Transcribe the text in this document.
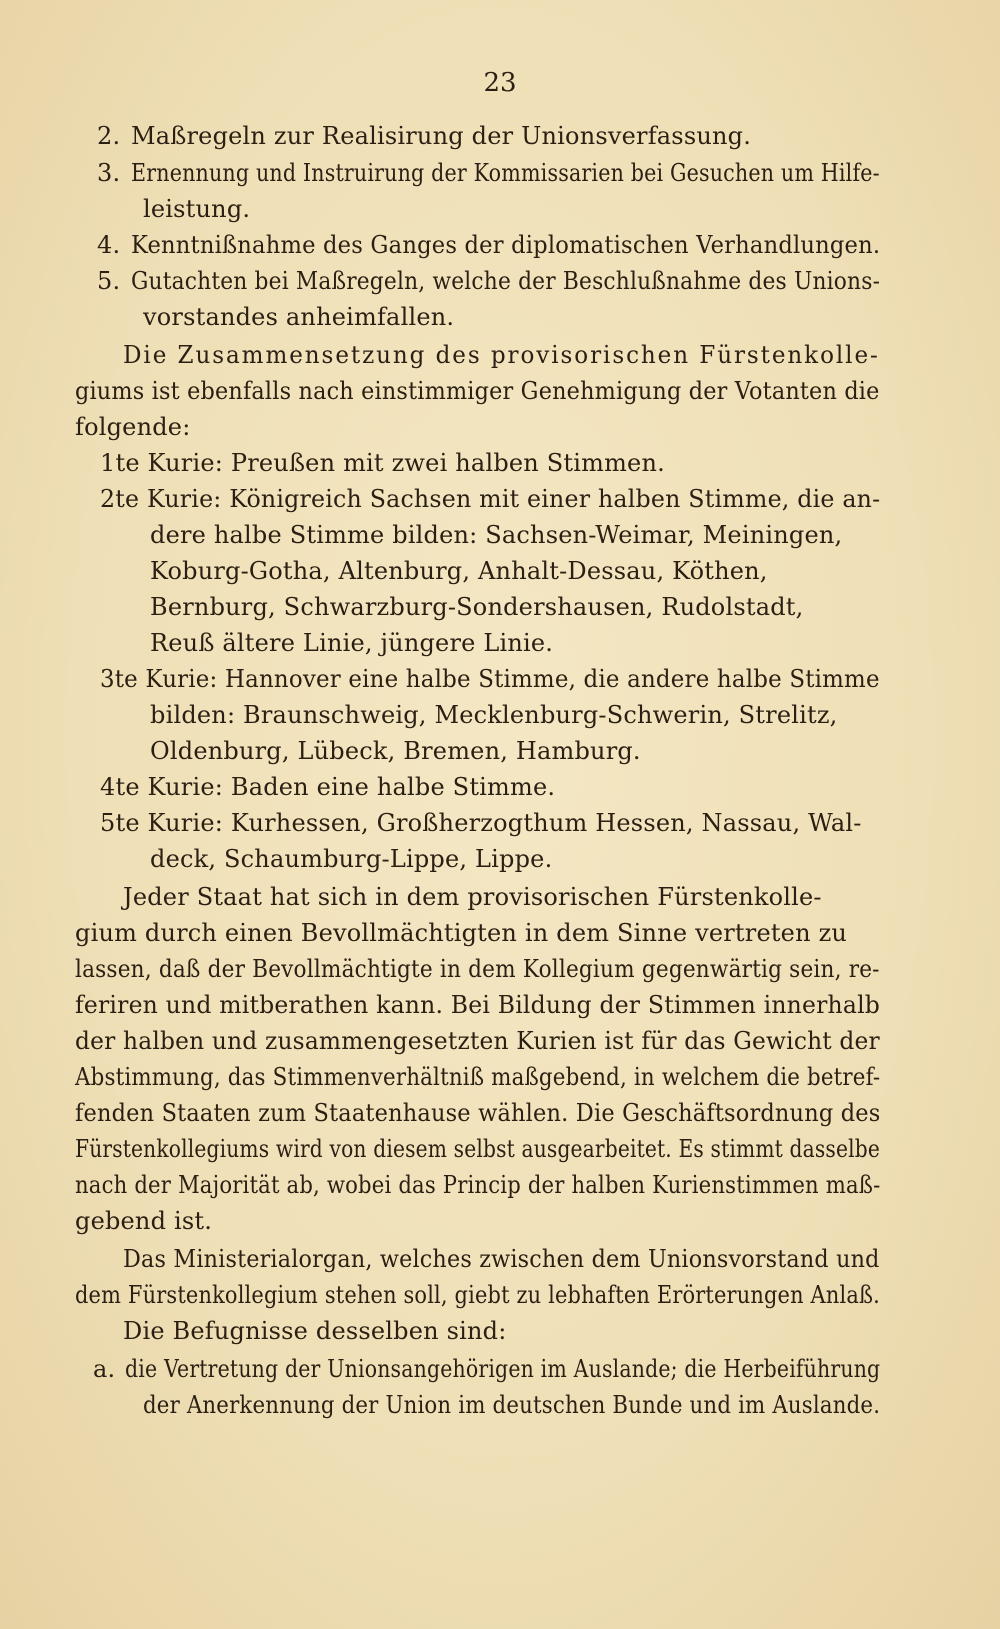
23
2. Maßregeln zur Realisirung der Unionsverfassung.
3. Ernennung und Instruirung der Kommissarien bei Gesuchen um Hilfe-
leistung.
4. Kenntnißnahme des Ganges der diplomatischen Verhandlungen.
5. Gutachten bei Maßregeln, welche der Beschlußnahme des Unions-
vorstandes anheimfallen.
Die Zusammensetzung des provisorischen Fürstenkolle-
giums ist ebenfalls nach einstimmiger Genehmigung der Votanten die
folgende:
1te Kurie: Preußen mit zwei halben Stimmen.
2te Kurie: Königreich Sachsen mit einer halben Stimme, die an-
dere halbe Stimme bilden: Sachsen-Weimar, Meiningen,
Koburg-Gotha, Altenburg, Anhalt-Dessau, Köthen,
Bernburg, Schwarzburg-Sondershausen, Rudolstadt,
Reuß ältere Linie, jüngere Linie.
3te Kurie: Hannover eine halbe Stimme, die andere halbe Stimme
bilden: Braunschweig, Mecklenburg-Schwerin, Strelitz,
Oldenburg, Lübeck, Bremen, Hamburg.
4te Kurie: Baden eine halbe Stimme.
5te Kurie: Kurhessen, Großherzogthum Hessen, Nassau, Wal-
deck, Schaumburg-Lippe, Lippe.
Jeder Staat hat sich in dem provisorischen Fürstenkolle-
gium durch einen Bevollmächtigten in dem Sinne vertreten zu
lassen, daß der Bevollmächtigte in dem Kollegium gegenwärtig sein, re-
feriren und mitberathen kann. Bei Bildung der Stimmen innerhalb
der halben und zusammengesetzten Kurien ist für das Gewicht der
Abstimmung, das Stimmenverhältniß maßgebend, in welchem die betref-
fenden Staaten zum Staatenhause wählen. Die Geschäftsordnung des
Fürstenkollegiums wird von diesem selbst ausgearbeitet. Es stimmt dasselbe
nach der Majorität ab, wobei das Princip der halben Kurienstimmen maß-
gebend ist.
Das Ministerialorgan, welches zwischen dem Unionsvorstand und
dem Fürstenkollegium stehen soll, giebt zu lebhaften Erörterungen Anlaß.
Die Befugnisse desselben sind:
a. die Vertretung der Unionsangehörigen im Auslande; die Herbeiführung
der Anerkennung der Union im deutschen Bunde und im Auslande.
